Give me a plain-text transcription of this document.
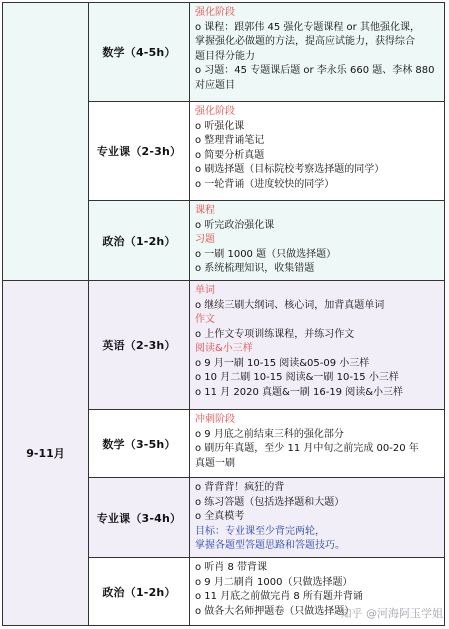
9-11月
数学（4-5h）
专业课（2-3h）
政治（1-2h）
英语（2-3h）
数学（3-5h）
专业课（3-4h）
政治（1-2h）
强化阶段
o 课程：跟郭伟 45 强化专题课程 or 其他强化课，
掌握强化必做题的方法，提高应试能力，获得综合
题目得分能力
o 习题：45 专题课后题 or 李永乐 660 题、李林 880
对应题目
强化阶段
o 听强化课
o 整理背诵笔记
o 简要分析真题
o 刷选择题（目标院校考察选择题的同学）
o 一轮背诵（进度较快的同学）
课程
o 听完政治强化课
习题
o 一刷 1000 题（只做选择题）
o 系统梳理知识，收集错题
单词
o 继续三刷大纲词、核心词，加背真题单词
作文
o 上作文专项训练课程，并练习作文
阅读&小三样
o 9 月一刷 10-15 阅读&05-09 小三样
o 10 月二刷 10-15 阅读&一刷 10-15 小三样
o 11 月 2020 真题&一刷 16-19 阅读&小三样
冲刺阶段
o 9 月底之前结束三科的强化部分
o 刷历年真题，至少 11 月中旬之前完成 00-20 年
真题一刷
o 背背背！疯狂的背
o 练习答题（包括选择题和大题）
o 全真模考
目标：专业课至少背完两轮，
掌握各题型答题思路和答题技巧。
o 听肖 8 带背课
o 9 月二刷肖 1000（只做选择题）
o 11 月底之前做完肖 8 所有题并背诵
o 做各大名师押题卷（只做选择题）
知乎 @河海阿玉学姐
